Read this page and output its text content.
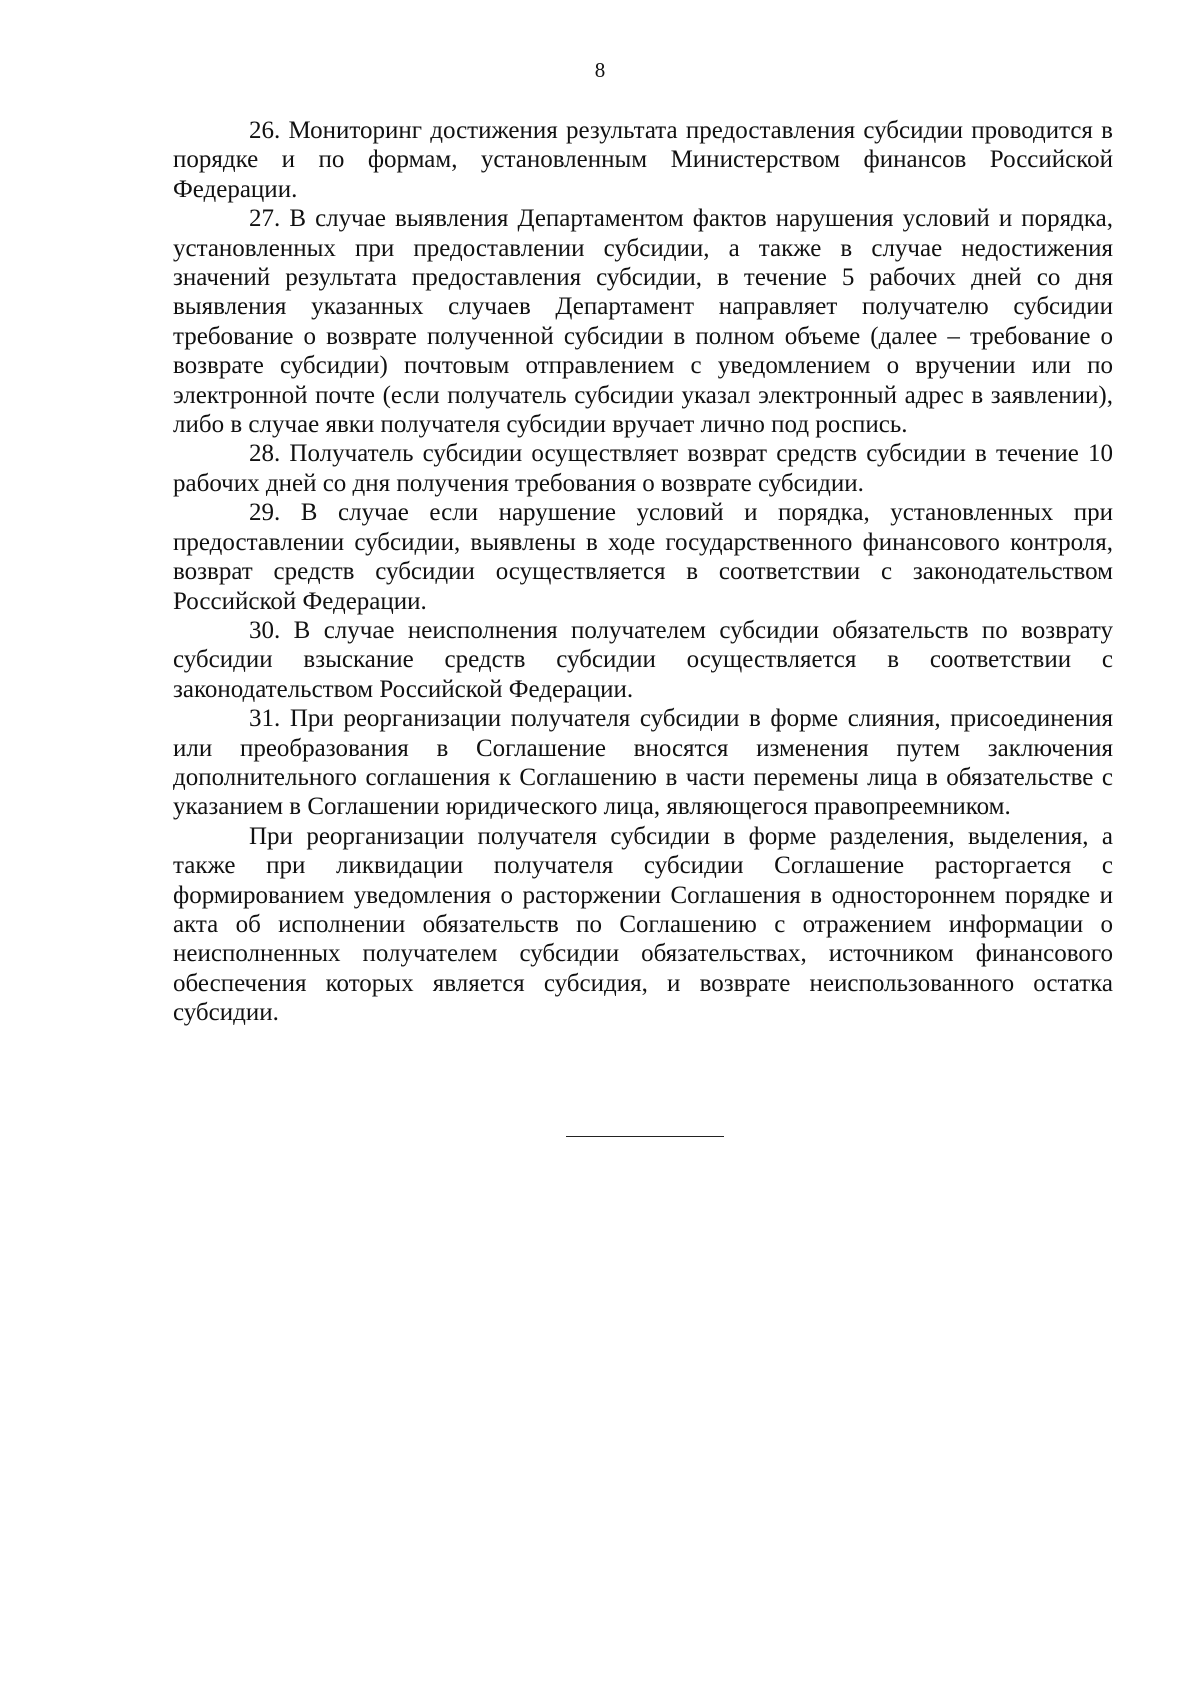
8

26. Мониторинг достижения результата предоставления субсидии проводится в порядке и по формам, установленным Министерством финансов Российской Федерации.

27. В случае выявления Департаментом фактов нарушения условий и порядка, установленных при предоставлении субсидии, а также в случае недостижения значений результата предоставления субсидии, в течение 5 рабочих дней со дня выявления указанных случаев Департамент направляет получателю субсидии требование о возврате полученной субсидии в полном объеме (далее – требование о возврате субсидии) почтовым отправлением с уведомлением о вручении или по электронной почте (если получатель субсидии указал электронный адрес в заявлении), либо в случае явки получателя субсидии вручает лично под роспись.

28. Получатель субсидии осуществляет возврат средств субсидии в течение 10 рабочих дней со дня получения требования о возврате субсидии.

29. В случае если нарушение условий и порядка, установленных при предоставлении субсидии, выявлены в ходе государственного финансового контроля, возврат средств субсидии осуществляется в соответствии с законодательством Российской Федерации.

30. В случае неисполнения получателем субсидии обязательств по возврату субсидии взыскание средств субсидии осуществляется в соответствии с законодательством Российской Федерации.

31. При реорганизации получателя субсидии в форме слияния, присоединения или преобразования в Соглашение вносятся изменения путем заключения дополнительного соглашения к Соглашению в части перемены лица в обязательстве с указанием в Соглашении юридического лица, являющегося правопреемником.

При реорганизации получателя субсидии в форме разделения, выделения, а также при ликвидации получателя субсидии Соглашение расторгается с формированием уведомления о расторжении Соглашения в одностороннем порядке и акта об исполнении обязательств по Соглашению с отражением информации о неисполненных получателем субсидии обязательствах, источником финансового обеспечения которых является субсидия, и возврате неиспользованного остатка субсидии.
